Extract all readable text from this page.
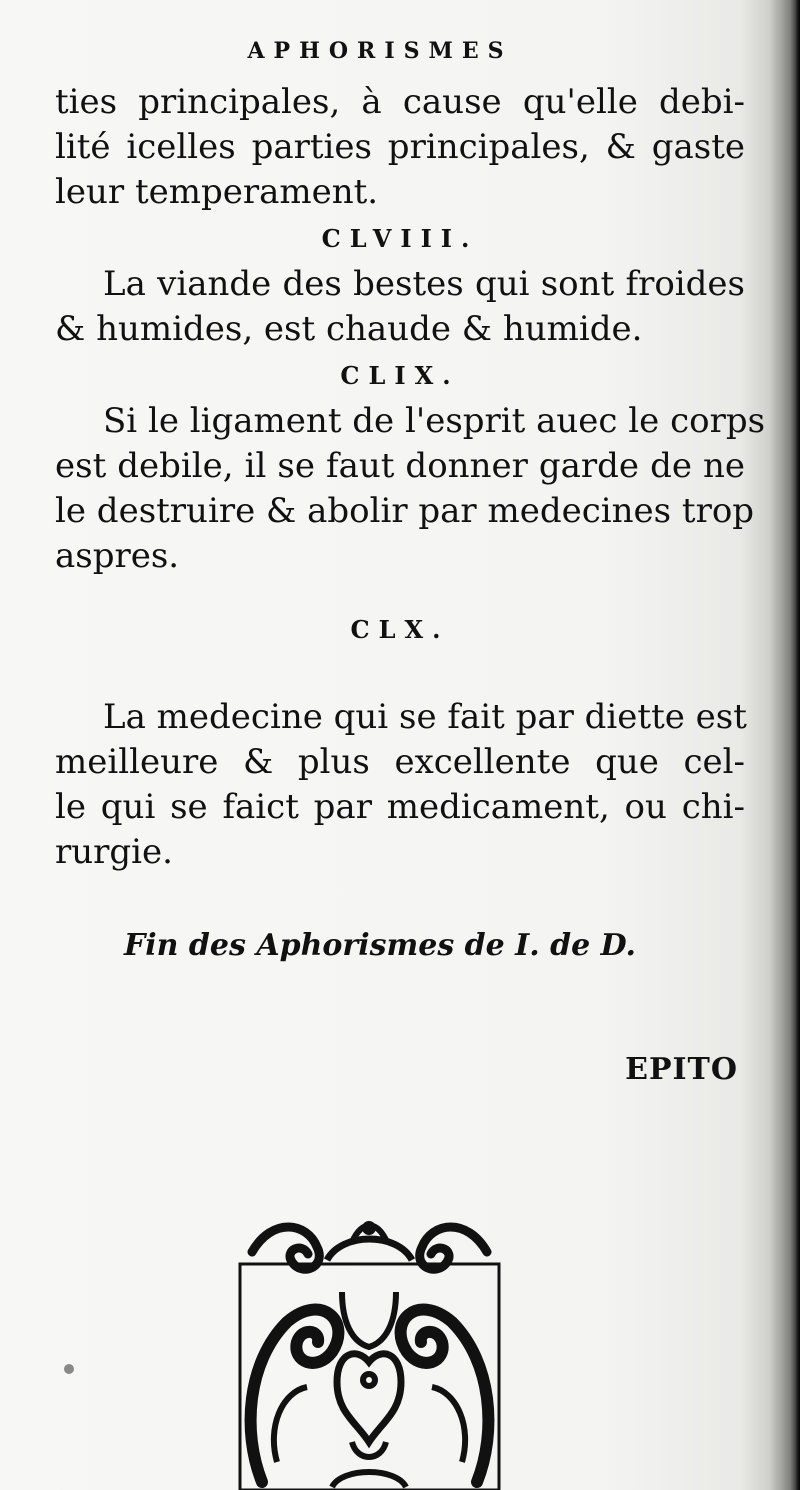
APHORISMES
ties principales, à cause qu'elle debi-
lité icelles parties principales, & gaste
leur temperament.
CLVIII.
La viande des bestes qui sont froides
& humides, est chaude & humide.
CLIX.
Si le ligament de l'esprit auec le corps
est debile, il se faut donner garde de ne
le destruire & abolir par medecines trop
aspres.
CLX.
La medecine qui se fait par diette est
meilleure & plus excellente que cel-
le qui se faict par medicament, ou chi-
rurgie.
Fin des Aphorismes de I. de D.
EPITO
